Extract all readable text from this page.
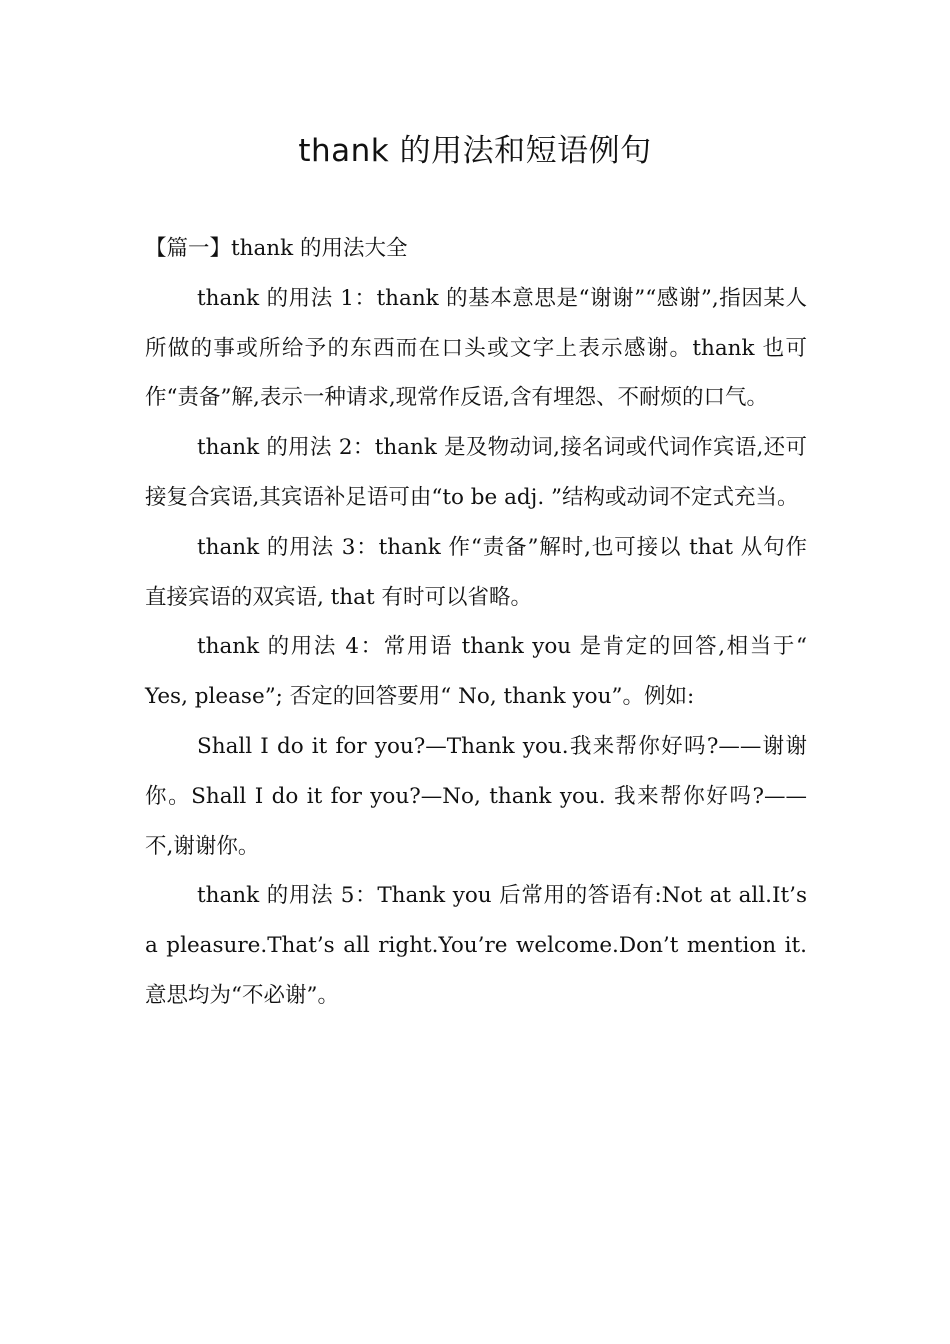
thank 的用法和短语例句

【篇一】thank 的用法大全

thank 的用法 1：thank 的基本意思是“谢谢”“感谢”,指因某人所做的事或所给予的东西而在口头或文字上表示感谢。thank 也可作“责备”解,表示一种请求,现常作反语,含有埋怨、不耐烦的口气。

thank 的用法 2：thank 是及物动词,接名词或代词作宾语,还可接复合宾语,其宾语补足语可由“to be adj. ”结构或动词不定式充当。

thank 的用法 3：thank 作“责备”解时,也可接以 that 从句作直接宾语的双宾语, that 有时可以省略。

thank 的用法 4：常用语 thank you 是肯定的回答,相当于“ Yes, please”; 否定的回答要用“ No, thank you”。例如:

Shall I do it for you?—Thank you.我来帮你好吗?——谢谢你。Shall I do it for you?—No, thank you. 我来帮你好吗?——不,谢谢你。

thank 的用法 5：Thank you 后常用的答语有:Not at all.It’s a pleasure.That’s all right.You’re welcome.Don’t mention it.意思均为“不必谢”。
